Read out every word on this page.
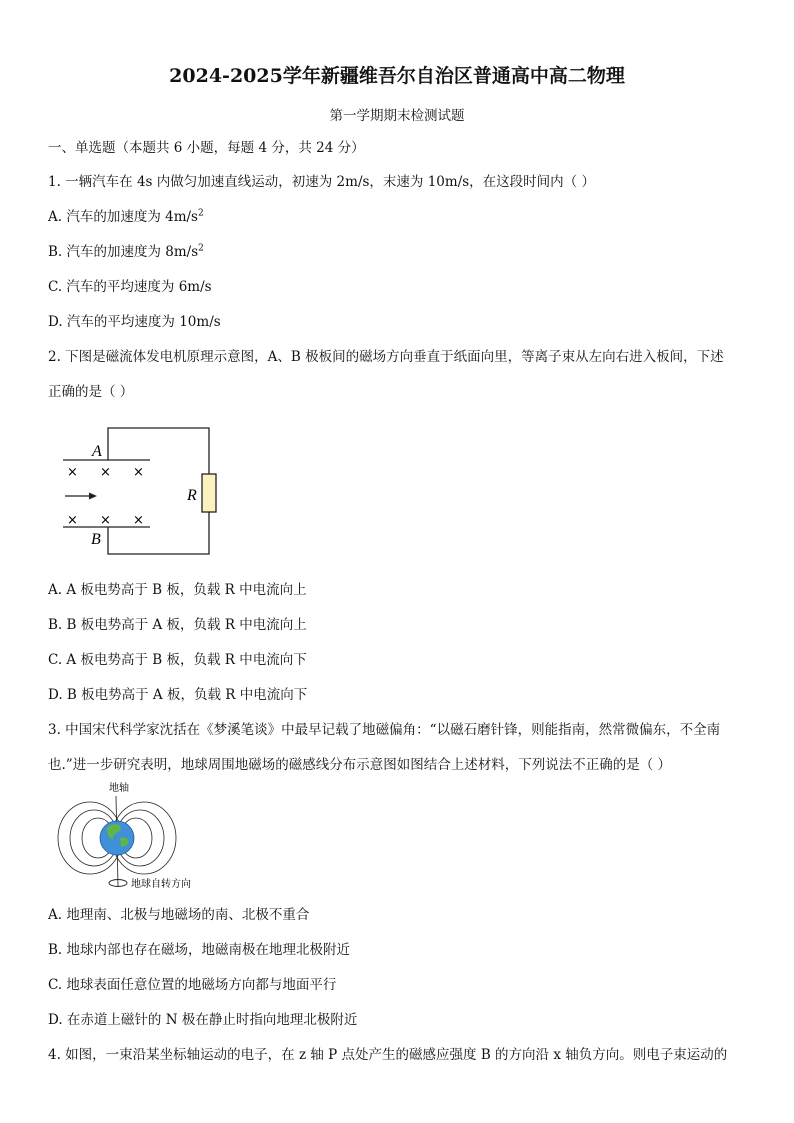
2024-2025学年新疆维吾尔自治区普通高中高二物理
第一学期期末检测试题
一、单选题（本题共 6 小题，每题 4 分，共 24 分）
1. 一辆汽车在 4s 内做匀加速直线运动，初速为 2m/s，末速为 10m/s，在这段时间内（ ）
A. 汽车的加速度为 $4m/s^2$
B. 汽车的加速度为 $8m/s^2$
C. 汽车的平均速度为 6m/s
D. 汽车的平均速度为 10m/s
2. 下图是磁流体发电机原理示意图，A、B 极板间的磁场方向垂直于纸面向里，等离子束从左向右进入板间，下述
正确的是（ ）
A
B
R
× × ×
× × ×
A. A 板电势高于 B 板，负载 R 中电流向上
B. B 板电势高于 A 板，负载 R 中电流向上
C. A 板电势高于 B 板，负载 R 中电流向下
D. B 板电势高于 A 板，负载 R 中电流向下
3. 中国宋代科学家沈括在《梦溪笔谈》中最早记载了地磁偏角：“以磁石磨针锋，则能指南，然常微偏东，不全南
也.”进一步研究表明，地球周围地磁场的磁感线分布示意图如图结合上述材料，下列说法不正确的是（ ）
地轴
地球自转方向
A. 地理南、北极与地磁场的南、北极不重合
B. 地球内部也存在磁场，地磁南极在地理北极附近
C. 地球表面任意位置的地磁场方向都与地面平行
D. 在赤道上磁针的 N 极在静止时指向地理北极附近
4. 如图，一束沿某坐标轴运动的电子，在 z 轴 P 点处产生的磁感应强度 B 的方向沿 x 轴负方向。则电子束运动的
